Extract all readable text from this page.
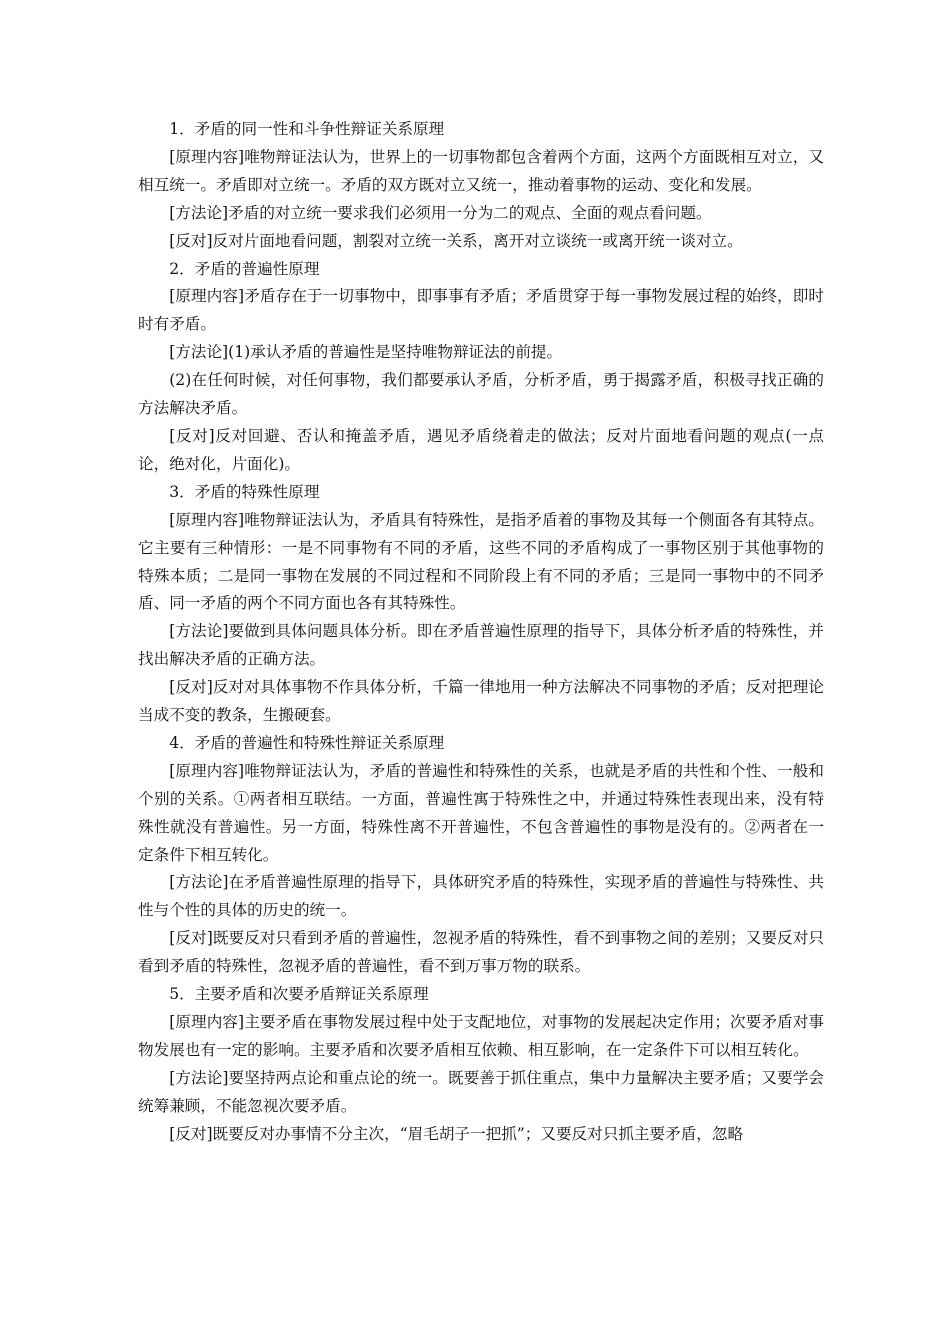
1．矛盾的同一性和斗争性辩证关系原理

[原理内容]唯物辩证法认为，世界上的一切事物都包含着两个方面，这两个方面既相互对立，又相互统一。矛盾即对立统一。矛盾的双方既对立又统一，推动着事物的运动、变化和发展。

[方法论]矛盾的对立统一要求我们必须用一分为二的观点、全面的观点看问题。

[反对]反对片面地看问题，割裂对立统一关系，离开对立谈统一或离开统一谈对立。

2．矛盾的普遍性原理

[原理内容]矛盾存在于一切事物中，即事事有矛盾；矛盾贯穿于每一事物发展过程的始终，即时时有矛盾。

[方法论](1)承认矛盾的普遍性是坚持唯物辩证法的前提。

(2)在任何时候，对任何事物，我们都要承认矛盾，分析矛盾，勇于揭露矛盾，积极寻找正确的方法解决矛盾。

[反对]反对回避、否认和掩盖矛盾，遇见矛盾绕着走的做法；反对片面地看问题的观点(一点论，绝对化，片面化)。

3．矛盾的特殊性原理

[原理内容]唯物辩证法认为，矛盾具有特殊性，是指矛盾着的事物及其每一个侧面各有其特点。它主要有三种情形：一是不同事物有不同的矛盾，这些不同的矛盾构成了一事物区别于其他事物的特殊本质；二是同一事物在发展的不同过程和不同阶段上有不同的矛盾；三是同一事物中的不同矛盾、同一矛盾的两个不同方面也各有其特殊性。

[方法论]要做到具体问题具体分析。即在矛盾普遍性原理的指导下，具体分析矛盾的特殊性，并找出解决矛盾的正确方法。

[反对]反对对具体事物不作具体分析，千篇一律地用一种方法解决不同事物的矛盾；反对把理论当成不变的教条，生搬硬套。

4．矛盾的普遍性和特殊性辩证关系原理

[原理内容]唯物辩证法认为，矛盾的普遍性和特殊性的关系，也就是矛盾的共性和个性、一般和个别的关系。①两者相互联结。一方面，普遍性寓于特殊性之中，并通过特殊性表现出来，没有特殊性就没有普遍性。另一方面，特殊性离不开普遍性，不包含普遍性的事物是没有的。②两者在一定条件下相互转化。

[方法论]在矛盾普遍性原理的指导下，具体研究矛盾的特殊性，实现矛盾的普遍性与特殊性、共性与个性的具体的历史的统一。

[反对]既要反对只看到矛盾的普遍性，忽视矛盾的特殊性，看不到事物之间的差别；又要反对只看到矛盾的特殊性，忽视矛盾的普遍性，看不到万事万物的联系。

5．主要矛盾和次要矛盾辩证关系原理

[原理内容]主要矛盾在事物发展过程中处于支配地位，对事物的发展起决定作用；次要矛盾对事物发展也有一定的影响。主要矛盾和次要矛盾相互依赖、相互影响，在一定条件下可以相互转化。

[方法论]要坚持两点论和重点论的统一。既要善于抓住重点，集中力量解决主要矛盾；又要学会统筹兼顾，不能忽视次要矛盾。

[反对]既要反对办事情不分主次，“眉毛胡子一把抓”；又要反对只抓主要矛盾，忽略
